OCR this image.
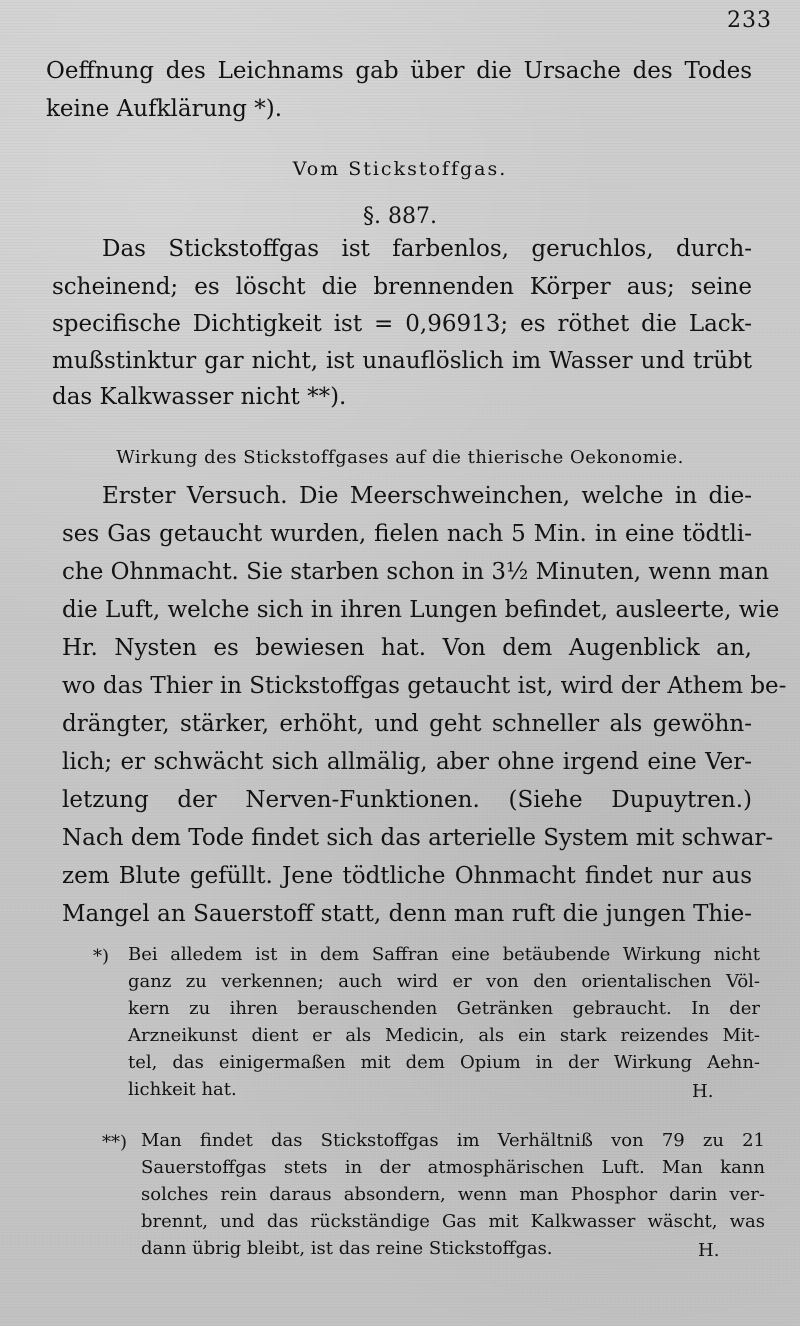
233
Oeffnung des Leichnams gab über die Ursache des Todes
keine Aufklärung *).
Vom Stickstoffgas.
§. 887.
Das Stickstoffgas ist farbenlos, geruchlos, durch-
scheinend; es löscht die brennenden Körper aus; seine
specifische Dichtigkeit ist = 0,96913; es röthet die Lack-
mußstinktur gar nicht, ist unauflöslich im Wasser und trübt
das Kalkwasser nicht **).
Wirkung des Stickstoffgases auf die thierische Oekonomie.
Erster Versuch. Die Meerschweinchen, welche in die-
ses Gas getaucht wurden, fielen nach 5 Min. in eine tödtli-
che Ohnmacht. Sie starben schon in 3½ Minuten, wenn man
die Luft, welche sich in ihren Lungen befindet, ausleerte, wie
Hr. Nysten es bewiesen hat. Von dem Augenblick an,
wo das Thier in Stickstoffgas getaucht ist, wird der Athem be-
drängter, stärker, erhöht, und geht schneller als gewöhn-
lich; er schwächt sich allmälig, aber ohne irgend eine Ver-
letzung der Nerven-Funktionen. (Siehe Dupuytren.)
Nach dem Tode findet sich das arterielle System mit schwar-
zem Blute gefüllt. Jene tödtliche Ohnmacht findet nur aus
Mangel an Sauerstoff statt, denn man ruft die jungen Thie-
*) Bei alledem ist in dem Saffran eine betäubende Wirkung nicht
ganz zu verkennen; auch wird er von den orientalischen Völ-
kern zu ihren berauschenden Getränken gebraucht. In der
Arzneikunst dient er als Medicin, als ein stark reizendes Mit-
tel, das einigermaßen mit dem Opium in der Wirkung Aehn-
lichkeit hat.	H.
**) Man findet das Stickstoffgas im Verhältniß von 79 zu 21
Sauerstoffgas stets in der atmosphärischen Luft. Man kann
solches rein daraus absondern, wenn man Phosphor darin ver-
brennt, und das rückständige Gas mit Kalkwasser wäscht, was
dann übrig bleibt, ist das reine Stickstoffgas.	H.
